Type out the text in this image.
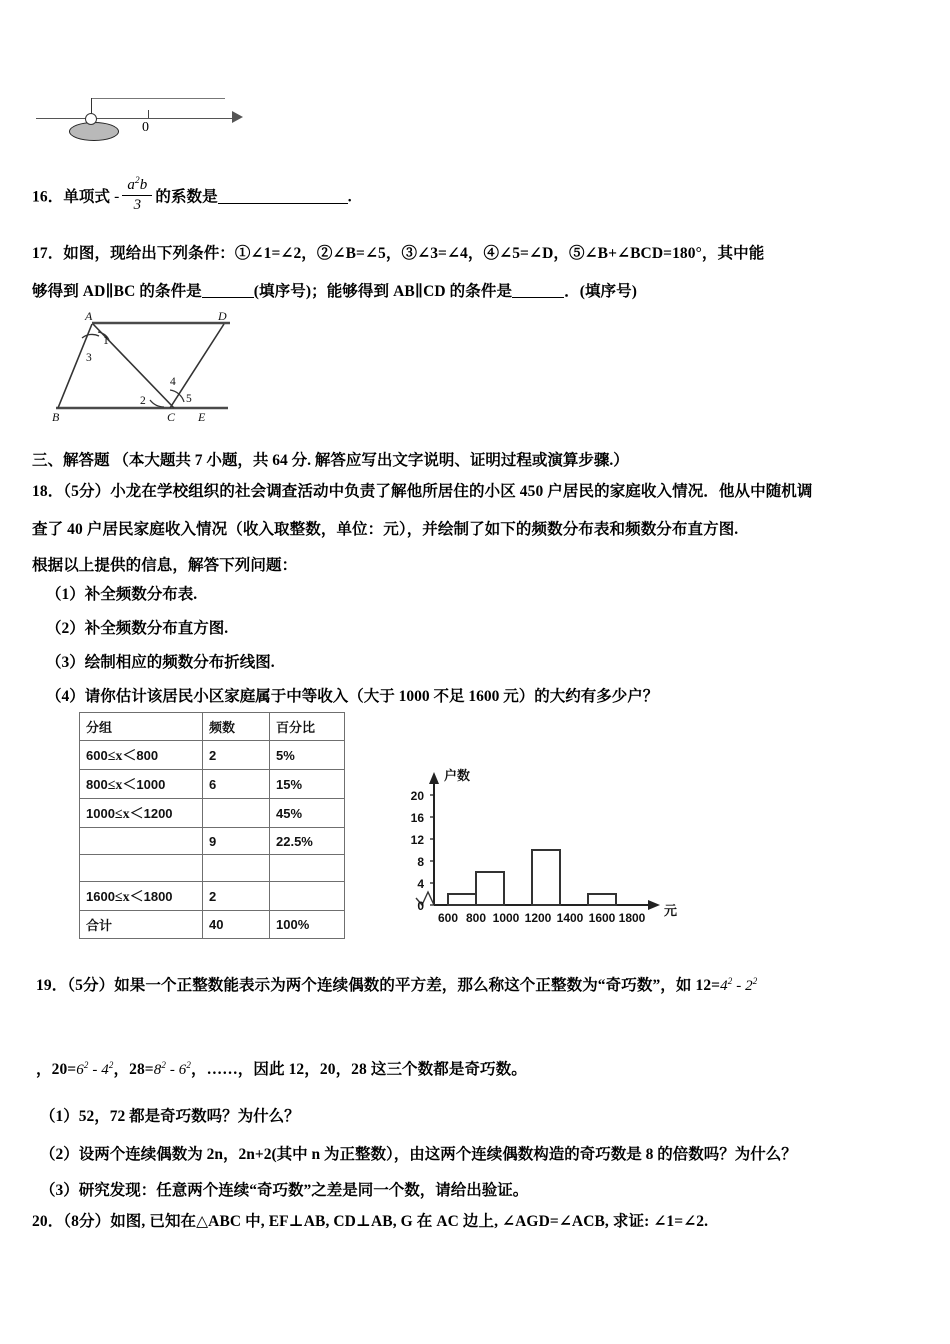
0
16．单项式 - $\frac{a^2b}{3}$ 的系数是	.
17．如图，现给出下列条件：①∠1=∠2，②∠B=∠5，③∠3=∠4，④∠5=∠D，⑤∠B+∠BCD=180°，其中能
够得到 AD∥BC 的条件是	(填序号)；能够得到 AB∥CD 的条件是	．(填序号)
A	D
B	C E
1
2
3
4
5
三、解答题 （本大题共 7 小题，共 64 分. 解答应写出文字说明、证明过程或演算步骤.）
18．（5分）小龙在学校组织的社会调查活动中负责了解他所居住的小区 450 户居民的家庭收入情况．他从中随机调
查了 40 户居民家庭收入情况（收入取整数，单位：元），并绘制了如下的频数分布表和频数分布直方图.
根据以上提供的信息，解答下列问题：
（1）补全频数分布表.
（2）补全频数分布直方图.
（3）绘制相应的频数分布折线图.
（4）请你估计该居民小区家庭属于中等收入（大于 1000 不足 1600 元）的大约有多少户？
分组	频数	百分比
600≤x＜800	2	5%
800≤x＜1000	6	15%
1000≤x＜1200		45%
	9	22.5%

1600≤x＜1800	2	
合计	40	100%
0
4
8
12
16
20
户数
元
600 800 1000 1200 1400 1600 1800
19．（5分）如果一个正整数能表示为两个连续偶数的平方差，那么称这个正整数为“奇巧数”，如 $12=4^2 - 2^2$
，$20=6^2 - 4^2$，$28=8^2 - 6^2$，……，因此 12，20，28 这三个数都是奇巧数。
（1）52，72 都是奇巧数吗？为什么？
（2）设两个连续偶数为 2n，2n+2(其中 n 为正整数），由这两个连续偶数构造的奇巧数是 8 的倍数吗？为什么？
（3）研究发现：任意两个连续“奇巧数”之差是同一个数，请给出验证。
20．（8分）如图, 已知在△ABC 中, EF⊥AB, CD⊥AB, G 在 AC 边上, ∠AGD=∠ACB, 求证: ∠1=∠2.
